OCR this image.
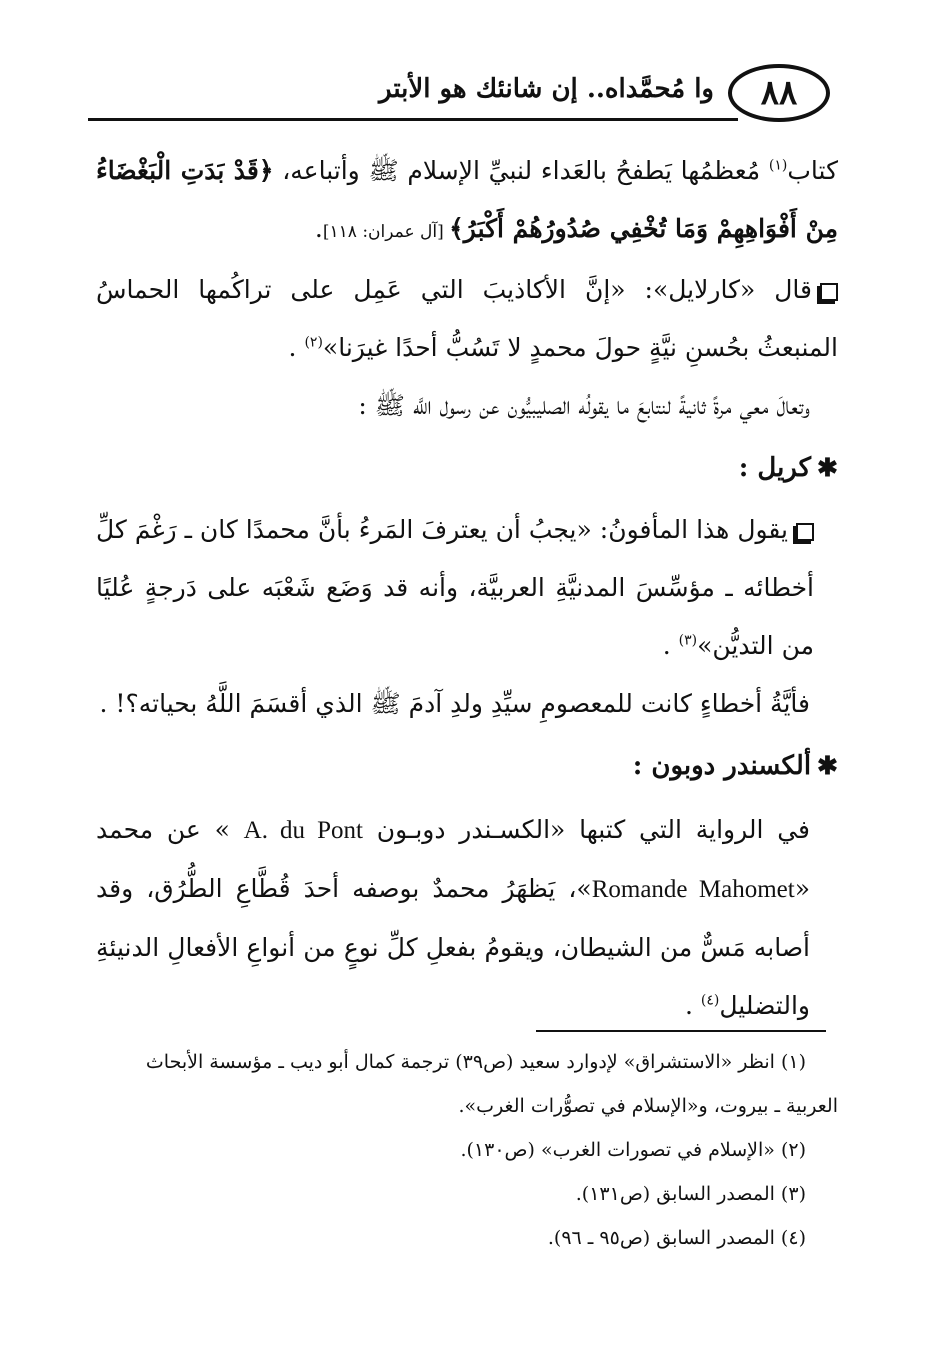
٨٨
وا مُحمَّداه.. إن شانئك هو الأبتر

كتاب$^{(١)}$ مُعظمُها يَطفحُ بالعَداء لنبيِّ الإسلام ﷺ وأتباعه، ﴿قَدْ بَدَتِ الْبَغْضَاءُ مِنْ أَفْوَاهِهِمْ وَمَا تُخْفِي صُدُورُهُمْ أَكْبَرُ﴾ [آل عمران: ١١٨].

قال «كارلايل»: «إنَّ الأكاذيبَ التي عَمِل على تراكُمها الحماسُ المنبعثُ بحُسنِ نيَّةٍ حولَ محمدٍ لا تَسُبُّ أحدًا غيرَنا»$^{(٢)}$ .

وتعالَ معي مرةً ثانيةً لنتابعَ ما يقولُه الصليبيُّون عن رسول اللَّه ﷺ :

✱كريل :

يقول هذا المأفونُ: «يجبُ أن يعترفَ المَرءُ بأنَّ محمدًا كان ـ رَغْمَ كلِّ أخطائه ـ مؤسِّسَ المدنيَّةِ العربيَّة، وأنه قد وَضَع شَعْبَه على دَرجةٍ عُليًا من التديُّن»$^{(٣)}$ .

فأيَّةُ أخطاءٍ كانت للمعصومِ سيِّدِ ولدِ آدمَ ﷺ الذي أقسَمَ اللَّهُ بحياته؟! .

✱ألكسندر دوبون :

في الرواية التي كتبها «الكسـندر دوبـون A. du Pont » عن محمد «Romande Mahomet»، يَظهَرُ محمدٌ بوصفه أحدَ قُطَّاعِ الطُّرُق، وقد أصابه مَسٌّ من الشيطان، ويقومُ بفعلِ كلِّ نوعٍ من أنواعِ الأفعالِ الدنيئةِ والتضليل$^{(٤)}$ .

(١) انظر «الاستشراق» لإدوارد سعيد (ص٣٩) ترجمة كمال أبو ديب ـ مؤسسة الأبحاث

العربية ـ بيروت، و«الإسلام في تصوُّرات الغرب».

(٢) «الإسلام في تصورات الغرب» (ص١٣٠).

(٣) المصدر السابق (ص١٣١).

(٤) المصدر السابق (ص٩٥ ـ ٩٦).
